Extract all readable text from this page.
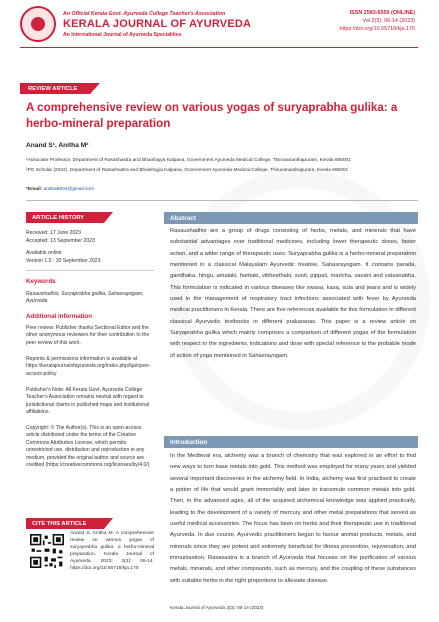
An Official Kerala Govt. Ayurveda College Teacher's Association
KERALA JOURNAL OF AYURVEDA
An International Journal of Ayurveda Specialities
ISSN 2583-6555 (ONLINE)
Vol 2(3): 06-14 (2023)
https://doi.org/10.55718/kja.170
REVIEW ARTICLE
A comprehensive review on various yogas of suryaprabha gulika: a herbo-mineral preparation
Anand S¹, Anitha M²
¹Associate Professor, Department of Rasashastra and Bhaishajya Kalpana, Government Ayurveda Medical College, Thiruvananthapuram, Kerala 695001
²PG Scholar (2022), Department of Rasashastra and Bhaishajya Kalpana, Government Ayurveda Medical College, Thiruvananthapuram, Kerala 695001
*Email: anitha9504@gmail.com
ARTICLE HISTORY
Received: 17 June 2023
Accepted: 13 September 2023
Available online
Version 1.0 : 30 September 2023
Keywords
Rasaushadhis, Suryaprabha gulika, Sahasrayogam, Ayurveda
Additional information
Peer review: Publisher thanks Sectional Editor and the other anonymous reviewers for their contribution to the peer review of this work.
Reprints & permissions information is available at https://keralajournalofayurveda.org/index.php/kja/open-access-policy
Publisher's Note: All Kerala Govt. Ayurveda College Teacher's Association remains neutral with regard to jurisdictional claims in published maps and institutional affiliations.
Copyright: © The Author(s). This is an open-access article distributed under the terms of the Creative Commons Attribution License, which permits unrestricted use, distribution and reproduction in any medium, provided the original author and source are credited (https://creativecommons.org/licenses/by/4.0/)
CITE THIS ARTICLE
Anand S, Anitha M. A comprehensive review on various yogas of suryaprabha gulika: a herbo-mineral preparation. Kerala Journal of Ayurveda. 2023; 2(3): 06-14. https://doi.org/10.55718/kja.170
Abstract
Rasaushadhis are a group of drugs consisting of herbs, metals, and minerals that have substantial advantages over traditional medicines, including lower therapeutic doses, faster action, and a wider range of therapeutic uses. Suryaprabha gulika is a herbo-mineral preparation mentioned in a classical Malayalam Ayurvedic treatise, Sahasrayogam. It contains parada, gandhaka, hingu, amalaki, haritaki, vibheethaki, sunti, pippali, maricha, vavani and vatsanabha. This formulation is indicated in various diseases like swasa, kasa, sula and jwara and is widely used in the management of respiratory tract infections associated with fever by Ayurveda medical practitioners in Kerala. There are five references available for this formulation in different classical Ayurvedic textbooks in different prakaranas. This paper is a review article on Suryaprabha gulika which mainly comprises a comparison of different yogas of the formulation with respect to the ingredients, indications and dose with special reference to the probable mode of action of yoga mentioned in Sahasrayogam.
Introduction
In the Medieval era, alchemy was a branch of chemistry that was explored in an effort to find new ways to turn base metals into gold. This method was employed for many years and yielded several important discoveries in the alchemy field. In India, alchemy was first practised to create a potion of life that would grant immortality and later to transmute common metals into gold. Then, in the advanced ages, all of the acquired alchemical knowledge was applied practically, leading to the development of a variety of mercury and other metal preparations that served as useful medical accessories. The focus has been on herbs and their therapeutic use in traditional Ayurveda. In due course, Ayurvedic practitioners began to favour animal products, metals, and minerals since they are potent and extremely beneficial for illness prevention, rejuvenation, and immunisation. Rasasastra is a branch of Ayurveda that focuses on the purification of various metals, minerals, and other compounds, such as mercury, and the coupling of these substances with suitable herbs in the right proportions to alleviate disease.
Kerala Journal of Ayurveda 2(3): 06-14 (2023)
